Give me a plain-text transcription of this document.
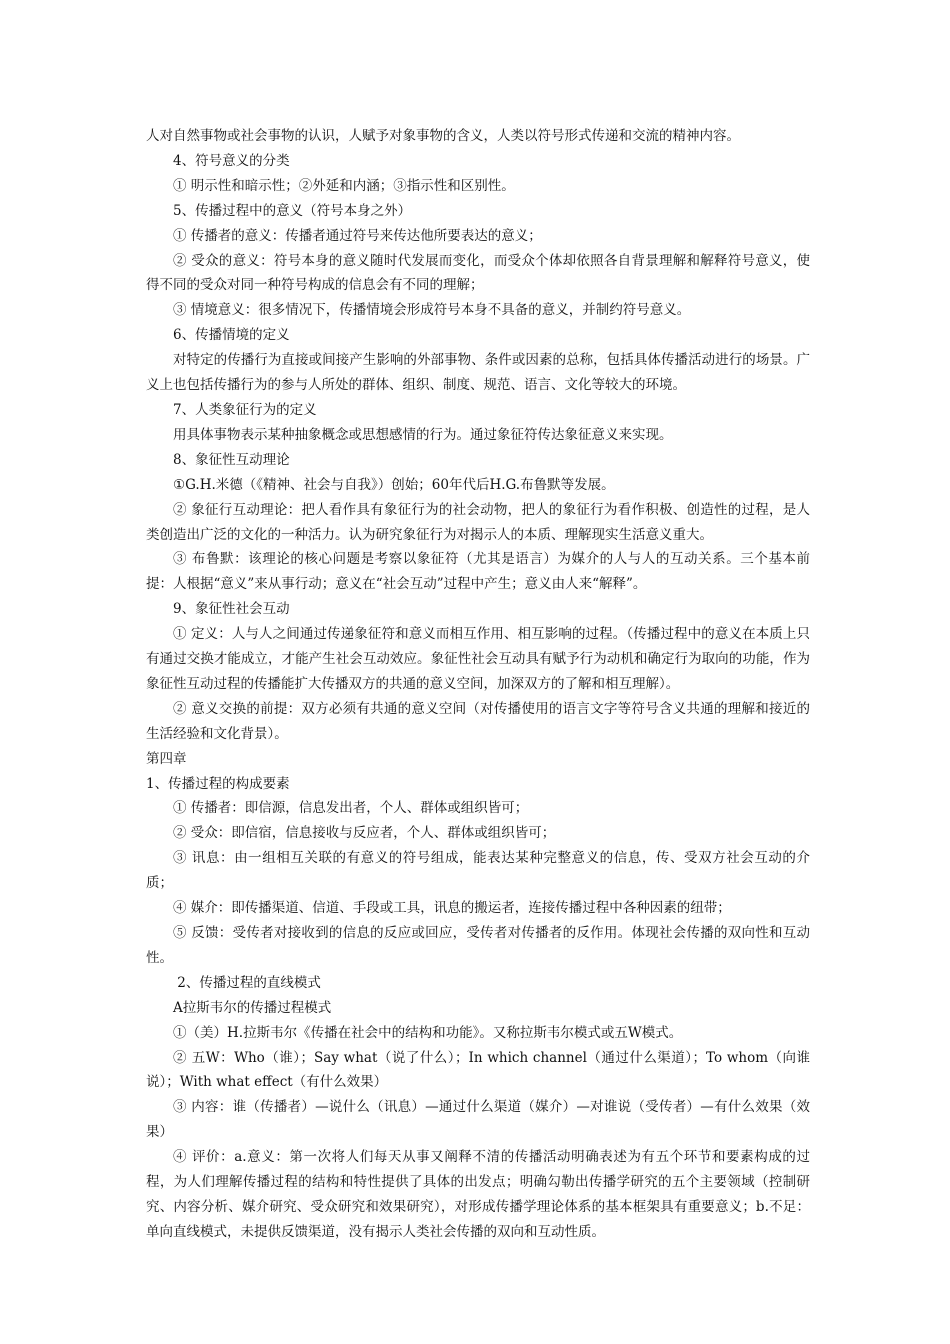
人对自然事物或社会事物的认识，人赋予对象事物的含义，人类以符号形式传递和交流的精神内容。

4、符号意义的分类

① 明示性和暗示性；②外延和内涵；③指示性和区别性。

5、传播过程中的意义（符号本身之外）

① 传播者的意义：传播者通过符号来传达他所要表达的意义；

② 受众的意义：符号本身的意义随时代发展而变化，而受众个体却依照各自背景理解和解释符号意义，使得不同的受众对同一种符号构成的信息会有不同的理解；

③ 情境意义：很多情况下，传播情境会形成符号本身不具备的意义，并制约符号意义。

6、传播情境的定义

对特定的传播行为直接或间接产生影响的外部事物、条件或因素的总称，包括具体传播活动进行的场景。广义上也包括传播行为的参与人所处的群体、组织、制度、规范、语言、文化等较大的环境。

7、人类象征行为的定义

用具体事物表示某种抽象概念或思想感情的行为。通过象征符传达象征意义来实现。

8、象征性互动理论

①G.H.米德（《精神、社会与自我》）创始；60年代后H.G.布鲁默等发展。

② 象征行互动理论：把人看作具有象征行为的社会动物，把人的象征行为看作积极、创造性的过程，是人类创造出广泛的文化的一种活力。认为研究象征行为对揭示人的本质、理解现实生活意义重大。

③ 布鲁默：该理论的核心问题是考察以象征符（尤其是语言）为媒介的人与人的互动关系。三个基本前提：人根据“意义”来从事行动；意义在“社会互动”过程中产生；意义由人来“解释”。

9、象征性社会互动

① 定义：人与人之间通过传递象征符和意义而相互作用、相互影响的过程。（传播过程中的意义在本质上只有通过交换才能成立，才能产生社会互动效应。象征性社会互动具有赋予行为动机和确定行为取向的功能，作为象征性互动过程的传播能扩大传播双方的共通的意义空间，加深双方的了解和相互理解）。

② 意义交换的前提：双方必须有共通的意义空间（对传播使用的语言文字等符号含义共通的理解和接近的生活经验和文化背景）。

第四章

1、传播过程的构成要素

① 传播者：即信源，信息发出者，个人、群体或组织皆可；

② 受众：即信宿，信息接收与反应者，个人、群体或组织皆可；

③ 讯息：由一组相互关联的有意义的符号组成，能表达某种完整意义的信息，传、受双方社会互动的介质；

④ 媒介：即传播渠道、信道、手段或工具，讯息的搬运者，连接传播过程中各种因素的纽带；

⑤ 反馈：受传者对接收到的信息的反应或回应，受传者对传播者的反作用。体现社会传播的双向性和互动性。

2、传播过程的直线模式

A拉斯韦尔的传播过程模式

①（美）H.拉斯韦尔《传播在社会中的结构和功能》。又称拉斯韦尔模式或五W模式。

② 五W：Who（谁）；Say what（说了什么）；In which channel（通过什么渠道）；To whom（向谁说）；With what effect（有什么效果）

③ 内容：谁（传播者）—说什么（讯息）—通过什么渠道（媒介）—对谁说（受传者）—有什么效果（效果）

④ 评价：a.意义：第一次将人们每天从事又阐释不清的传播活动明确表述为有五个环节和要素构成的过程，为人们理解传播过程的结构和特性提供了具体的出发点；明确勾勒出传播学研究的五个主要领域（控制研究、内容分析、媒介研究、受众研究和效果研究），对形成传播学理论体系的基本框架具有重要意义；b.不足：单向直线模式，未提供反馈渠道，没有揭示人类社会传播的双向和互动性质。
